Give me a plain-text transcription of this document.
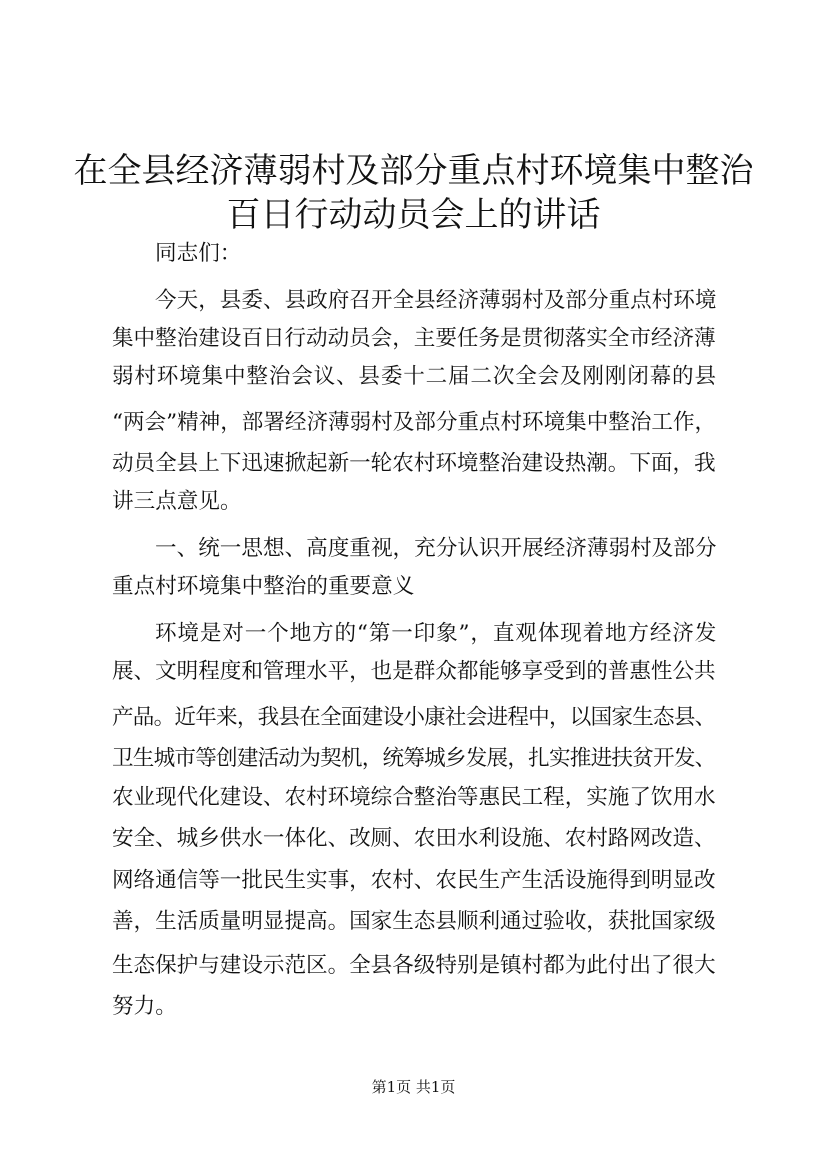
在全县经济薄弱村及部分重点村环境集中整治
百日行动动员会上的讲话
同志们：
今天，县委、县政府召开全县经济薄弱村及部分重点村环境
集中整治建设百日行动动员会，主要任务是贯彻落实全市经济薄
弱村环境集中整治会议、县委十二届二次全会及刚刚闭幕的县
“两会”精神，部署经济薄弱村及部分重点村环境集中整治工作，
动员全县上下迅速掀起新一轮农村环境整治建设热潮。下面，我
讲三点意见。
一、统一思想、高度重视，充分认识开展经济薄弱村及部分
重点村环境集中整治的重要意义
环境是对一个地方的“第一印象”，直观体现着地方经济发
展、文明程度和管理水平，也是群众都能够享受到的普惠性公共
产品。近年来，我县在全面建设小康社会进程中，以国家生态县、
卫生城市等创建活动为契机，统筹城乡发展，扎实推进扶贫开发、
农业现代化建设、农村环境综合整治等惠民工程，实施了饮用水
安全、城乡供水一体化、改厕、农田水利设施、农村路网改造、
网络通信等一批民生实事，农村、农民生产生活设施得到明显改
善，生活质量明显提高。国家生态县顺利通过验收，获批国家级
生态保护与建设示范区。全县各级特别是镇村都为此付出了很大
努力。
第1页 共1页
